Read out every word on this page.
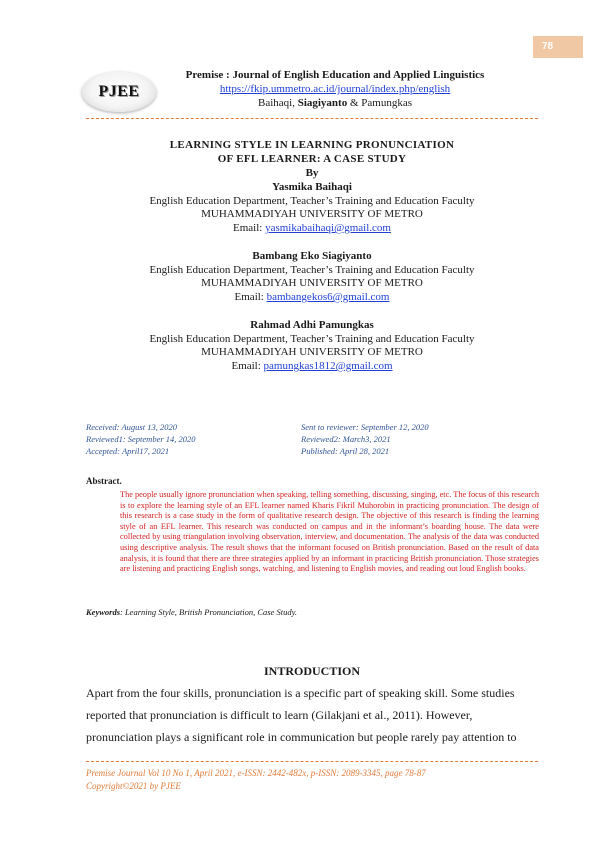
78
PJEE
Premise : Journal of English Education and Applied Linguistics
https://fkip.ummetro.ac.id/journal/index.php/english
Baihaqi, Siagiyanto & Pamungkas
LEARNING STYLE IN LEARNING PRONUNCIATION
OF EFL LEARNER: A CASE STUDY
By
Yasmika Baihaqi
English Education Department, Teacher’s Training and Education Faculty
MUHAMMADIYAH UNIVERSITY OF METRO
Email: yasmikabaihaqi@gmail.com
Bambang Eko Siagiyanto
English Education Department, Teacher’s Training and Education Faculty
MUHAMMADIYAH UNIVERSITY OF METRO
Email: bambangekos6@gmail.com
Rahmad Adhi Pamungkas
English Education Department, Teacher’s Training and Education Faculty
MUHAMMADIYAH UNIVERSITY OF METRO
Email: pamungkas1812@gmail.com
Received: August 13, 2020	Sent to reviewer: September 12, 2020
Reviewed1: September 14, 2020	Reviewed2: March3, 2021
Accepted: April17, 2021	Published: April 28, 2021
Abstract.
The people usually ignore pronunciation when speaking, telling something, discussing, singing, etc. The focus of this research is to explore the learning style of an EFL learner named Kharis Fikril Muhorobin in practicing pronunciation. The design of this research is a case study in the form of qualitative research design. The objective of this research is finding the learning style of an EFL learner. This research was conducted on campus and in the informant’s boarding house. The data were collected by using triangulation involving observation, interview, and documentation. The analysis of the data was conducted using descriptive analysis. The result shows that the informant focused on British pronunciation. Based on the result of data analysis, it is found that there are three strategies applied by an informant in practicing British pronunciation. Those strategies are listening and practicing English songs, watching, and listening to English movies, and reading out loud English books.
Keywords: Learning Style, British Pronunciation, Case Study.
INTRODUCTION
Apart from the four skills, pronunciation is a specific part of speaking skill. Some studies
reported that pronunciation is difficult to learn (Gilakjani et al., 2011). However,
pronunciation plays a significant role in communication but people rarely pay attention to
Premise Journal Vol 10 No 1, April 2021, e-ISSN: 2442-482x, p-ISSN: 2089-3345, page 78-87
Copyright©2021 by PJEE
